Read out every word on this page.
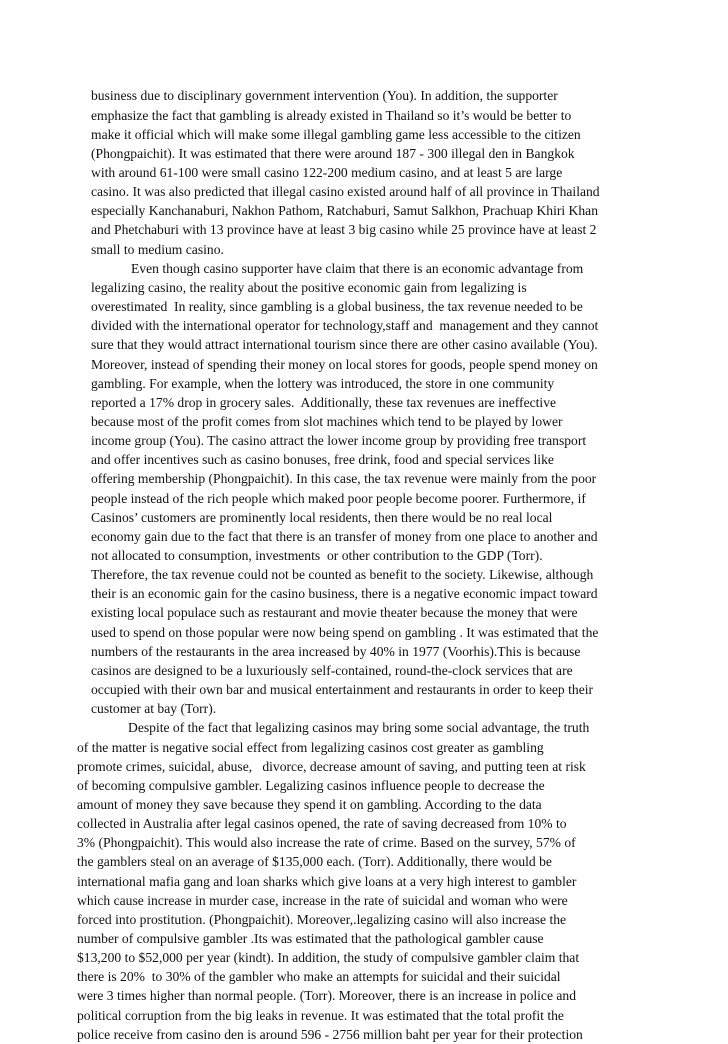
business due to disciplinary government intervention (You). In addition, the supporter
emphasize the fact that gambling is already existed in Thailand so it’s would be better to
make it official which will make some illegal gambling game less accessible to the citizen
(Phongpaichit). It was estimated that there were around 187 - 300 illegal den in Bangkok
with around 61-100 were small casino 122-200 medium casino, and at least 5 are large
casino. It was also predicted that illegal casino existed around half of all province in Thailand
especially Kanchanaburi, Nakhon Pathom, Ratchaburi, Samut Salkhon, Prachuap Khiri Khan
and Phetchaburi with 13 province have at least 3 big casino while 25 province have at least 2
small to medium casino.
Even though casino supporter have claim that there is an economic advantage from
legalizing casino, the reality about the positive economic gain from legalizing is
overestimated  In reality, since gambling is a global business, the tax revenue needed to be
divided with the international operator for technology,staff and  management and they cannot
sure that they would attract international tourism since there are other casino available (You).
Moreover, instead of spending their money on local stores for goods, people spend money on
gambling. For example, when the lottery was introduced, the store in one community
reported a 17% drop in grocery sales.  Additionally, these tax revenues are ineffective
because most of the profit comes from slot machines which tend to be played by lower
income group (You). The casino attract the lower income group by providing free transport
and offer incentives such as casino bonuses, free drink, food and special services like
offering membership (Phongpaichit). In this case, the tax revenue were mainly from the poor
people instead of the rich people which maked poor people become poorer. Furthermore, if
Casinos’ customers are prominently local residents, then there would be no real local
economy gain due to the fact that there is an transfer of money from one place to another and
not allocated to consumption, investments  or other contribution to the GDP (Torr).
Therefore, the tax revenue could not be counted as benefit to the society. Likewise, although
their is an economic gain for the casino business, there is a negative economic impact toward
existing local populace such as restaurant and movie theater because the money that were
used to spend on those popular were now being spend on gambling . It was estimated that the
numbers of the restaurants in the area increased by 40% in 1977 (Voorhis).This is because
casinos are designed to be a luxuriously self-contained, round-the-clock services that are
occupied with their own bar and musical entertainment and restaurants in order to keep their
customer at bay (Torr).
Despite of the fact that legalizing casinos may bring some social advantage, the truth
of the matter is negative social effect from legalizing casinos cost greater as gambling
promote crimes, suicidal, abuse,   divorce, decrease amount of saving, and putting teen at risk
of becoming compulsive gambler. Legalizing casinos influence people to decrease the
amount of money they save because they spend it on gambling. According to the data
collected in Australia after legal casinos opened, the rate of saving decreased from 10% to
3% (Phongpaichit). This would also increase the rate of crime. Based on the survey, 57% of
the gamblers steal on an average of $135,000 each. (Torr). Additionally, there would be
international mafia gang and loan sharks which give loans at a very high interest to gambler
which cause increase in murder case, increase in the rate of suicidal and woman who were
forced into prostitution. (Phongpaichit). Moreover,.legalizing casino will also increase the
number of compulsive gambler .Its was estimated that the pathological gambler cause
$13,200 to $52,000 per year (kindt). In addition, the study of compulsive gambler claim that
there is 20%  to 30% of the gambler who make an attempts for suicidal and their suicidal
were 3 times higher than normal people. (Torr). Moreover, there is an increase in police and
political corruption from the big leaks in revenue. It was estimated that the total profit the
police receive from casino den is around 596 - 2756 million baht per year for their protection
